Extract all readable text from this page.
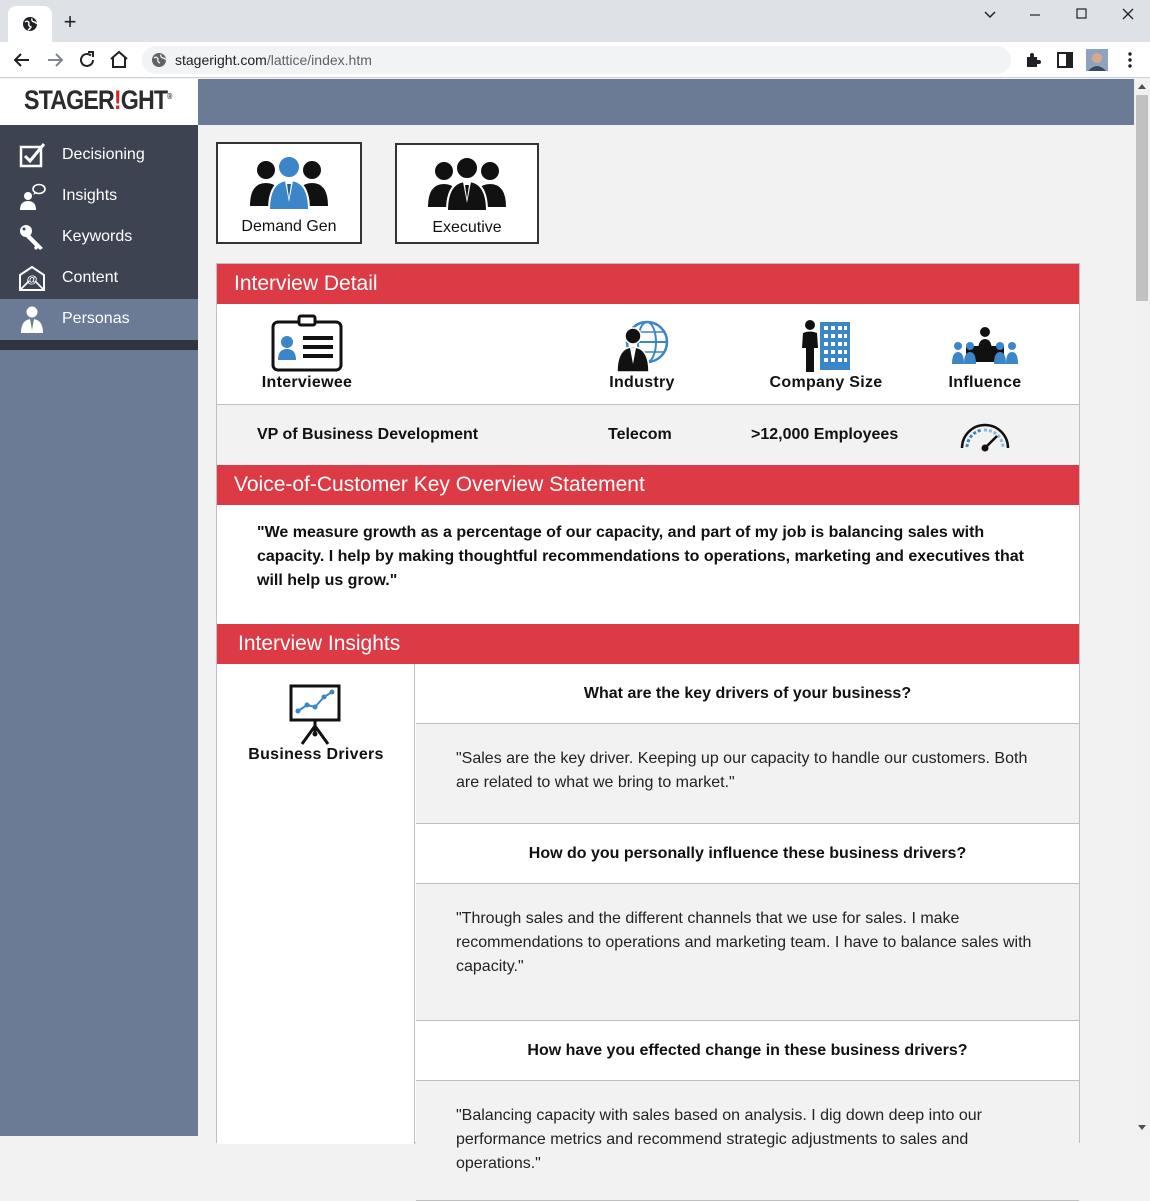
+
stageright.com/lattice/index.htm
STAGER!GHT®
Decisioning
Insights
Keywords
@ Content
Personas
Demand Gen	Executive
Interview Detail
Interviewee	Industry	Company Size	Influence
VP of Business Development	Telecom	>12,000 Employees
Voice-of-Customer Key Overview Statement
"We measure growth as a percentage of our capacity, and part of my job is balancing sales with capacity. I help by making thoughtful recommendations to operations, marketing and executives that will help us grow."
Interview Insights
Business Drivers
What are the key drivers of your business?
"Sales are the key driver. Keeping up our capacity to handle our customers. Both are related to what we bring to market."
How do you personally influence these business drivers?
"Through sales and the different channels that we use for sales. I make recommendations to operations and marketing team. I have to balance sales with capacity."
How have you effected change in these business drivers?
"Balancing capacity with sales based on analysis. I dig down deep into our performance metrics and recommend strategic adjustments to sales and operations."
